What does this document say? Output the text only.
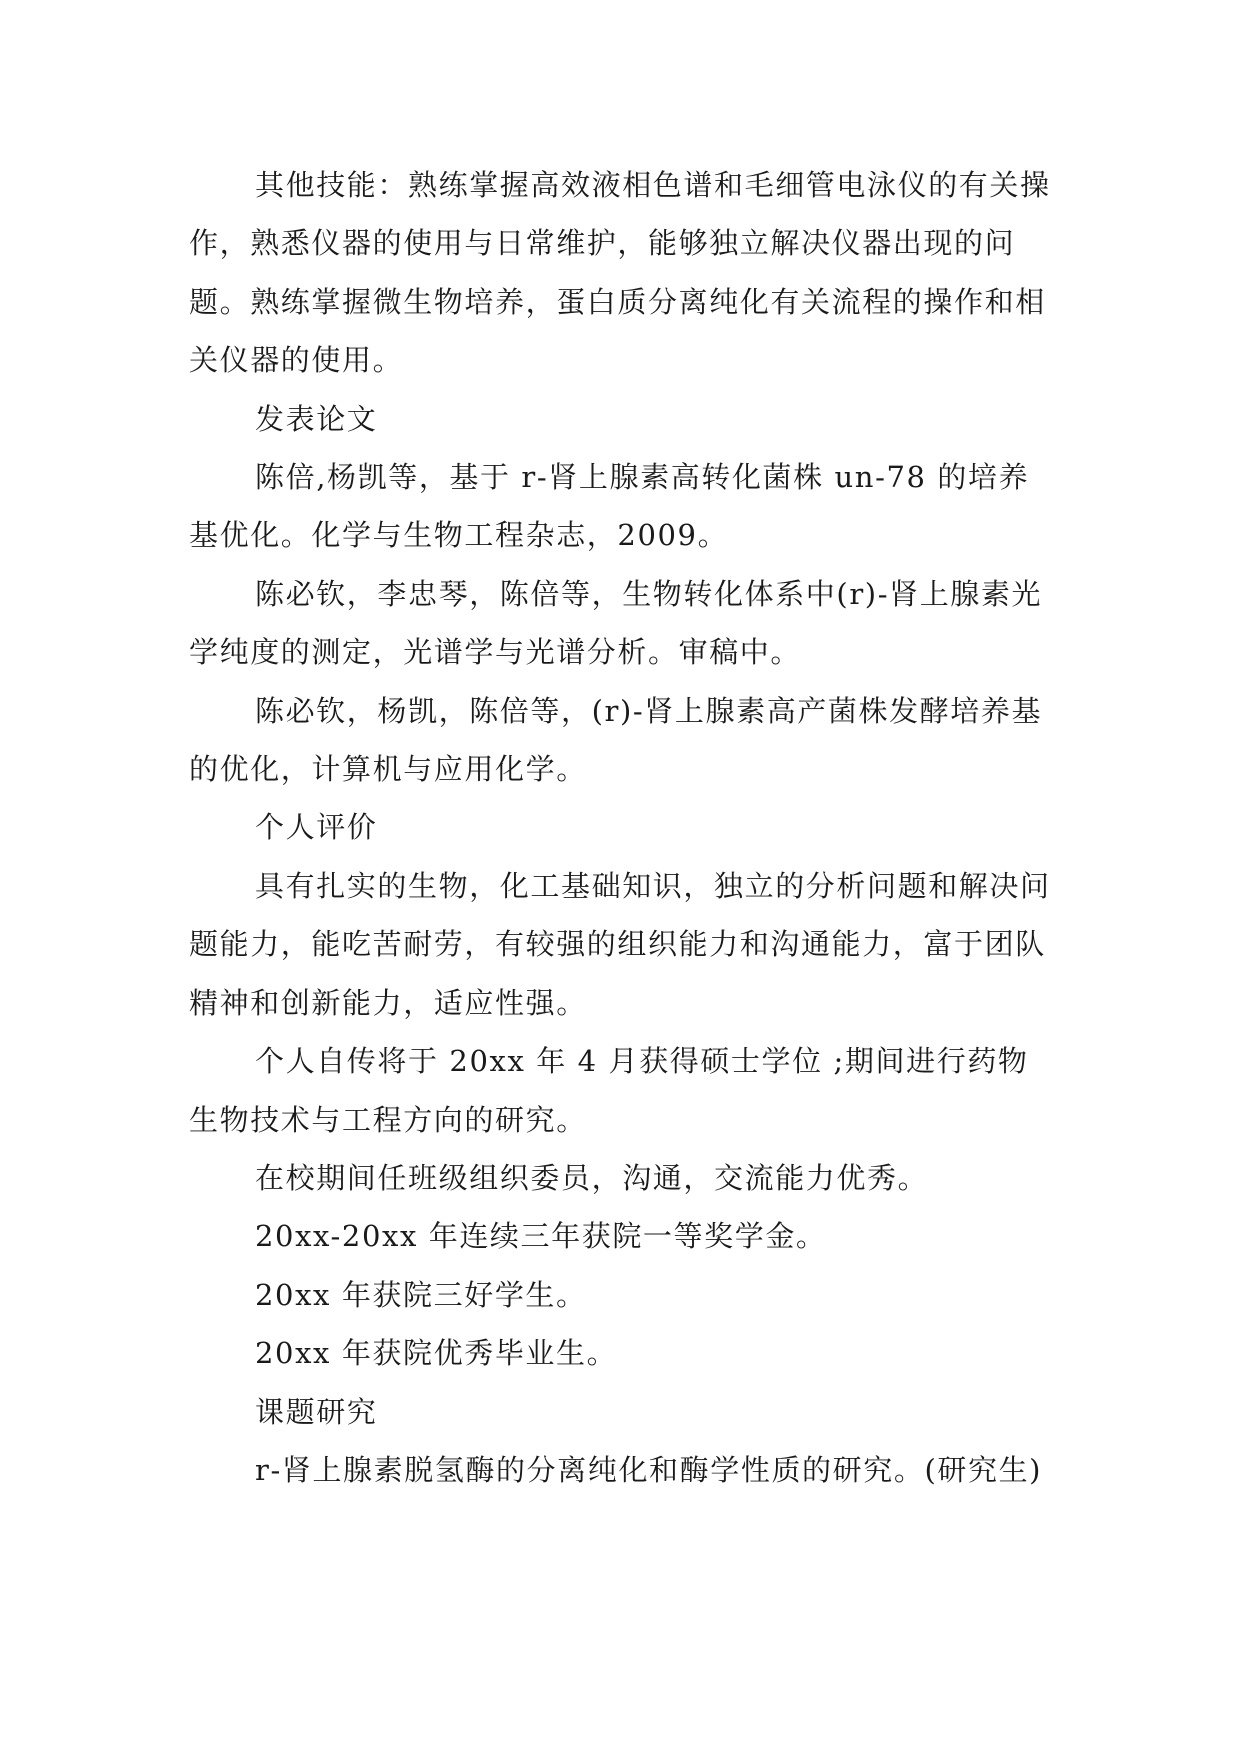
其他技能：熟练掌握高效液相色谱和毛细管电泳仪的有关操作，熟悉仪器的使用与日常维护，能够独立解决仪器出现的问题。熟练掌握微生物培养，蛋白质分离纯化有关流程的操作和相关仪器的使用。

发表论文

陈倍,杨凯等，基于 r-肾上腺素高转化菌株 un-78 的培养基优化。化学与生物工程杂志，2009。

陈必钦，李忠琴，陈倍等，生物转化体系中(r)-肾上腺素光学纯度的测定，光谱学与光谱分析。审稿中。

陈必钦，杨凯，陈倍等，(r)-肾上腺素高产菌株发酵培养基的优化，计算机与应用化学。

个人评价

具有扎实的生物，化工基础知识，独立的分析问题和解决问题能力，能吃苦耐劳，有较强的组织能力和沟通能力，富于团队精神和创新能力，适应性强。

个人自传将于 20xx 年 4 月获得硕士学位 ;期间进行药物生物技术与工程方向的研究。

在校期间任班级组织委员，沟通，交流能力优秀。

20xx-20xx 年连续三年获院一等奖学金。

20xx 年获院三好学生。

20xx 年获院优秀毕业生。

课题研究

r-肾上腺素脱氢酶的分离纯化和酶学性质的研究。(研究生)
